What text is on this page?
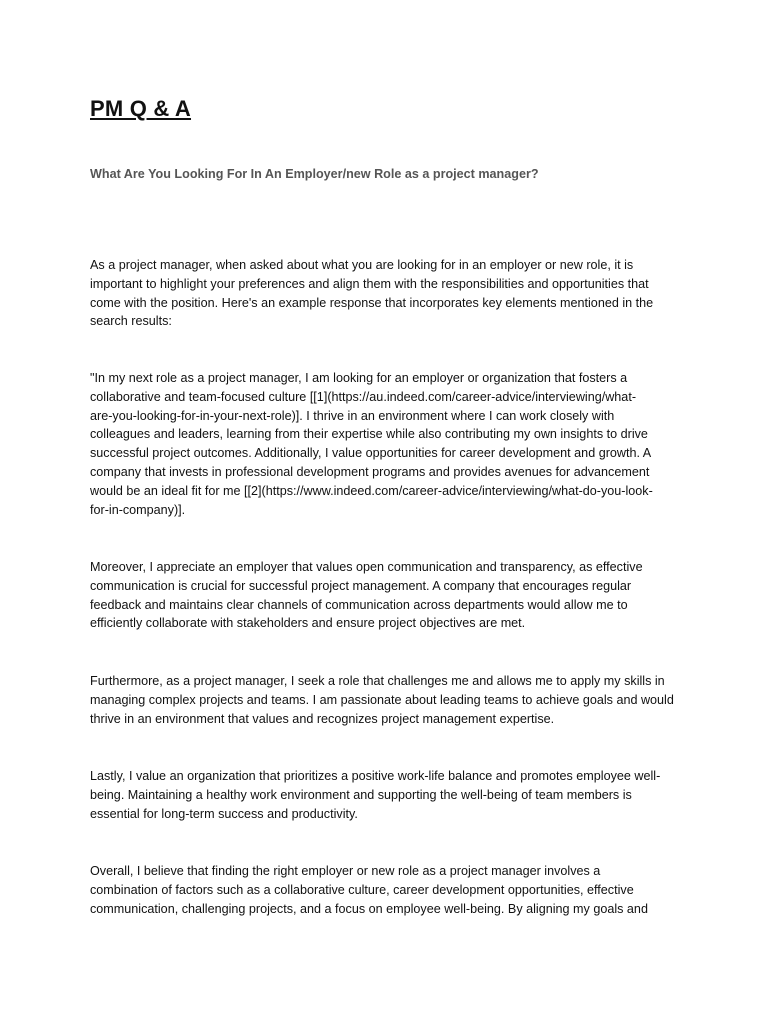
PM Q & A
What Are You Looking For In An Employer/new Role as a project manager?
As a project manager, when asked about what you are looking for in an employer or new role, it is
important to highlight your preferences and align them with the responsibilities and opportunities that
come with the position. Here's an example response that incorporates key elements mentioned in the
search results:
"In my next role as a project manager, I am looking for an employer or organization that fosters a
collaborative and team-focused culture [[1](https://au.indeed.com/career-advice/interviewing/what-
are-you-looking-for-in-your-next-role)]. I thrive in an environment where I can work closely with
colleagues and leaders, learning from their expertise while also contributing my own insights to drive
successful project outcomes. Additionally, I value opportunities for career development and growth. A
company that invests in professional development programs and provides avenues for advancement
would be an ideal fit for me [[2](https://www.indeed.com/career-advice/interviewing/what-do-you-look-
for-in-company)].
Moreover, I appreciate an employer that values open communication and transparency, as effective
communication is crucial for successful project management. A company that encourages regular
feedback and maintains clear channels of communication across departments would allow me to
efficiently collaborate with stakeholders and ensure project objectives are met.
Furthermore, as a project manager, I seek a role that challenges me and allows me to apply my skills in
managing complex projects and teams. I am passionate about leading teams to achieve goals and would
thrive in an environment that values and recognizes project management expertise.
Lastly, I value an organization that prioritizes a positive work-life balance and promotes employee well-
being. Maintaining a healthy work environment and supporting the well-being of team members is
essential for long-term success and productivity.
Overall, I believe that finding the right employer or new role as a project manager involves a
combination of factors such as a collaborative culture, career development opportunities, effective
communication, challenging projects, and a focus on employee well-being. By aligning my goals and
